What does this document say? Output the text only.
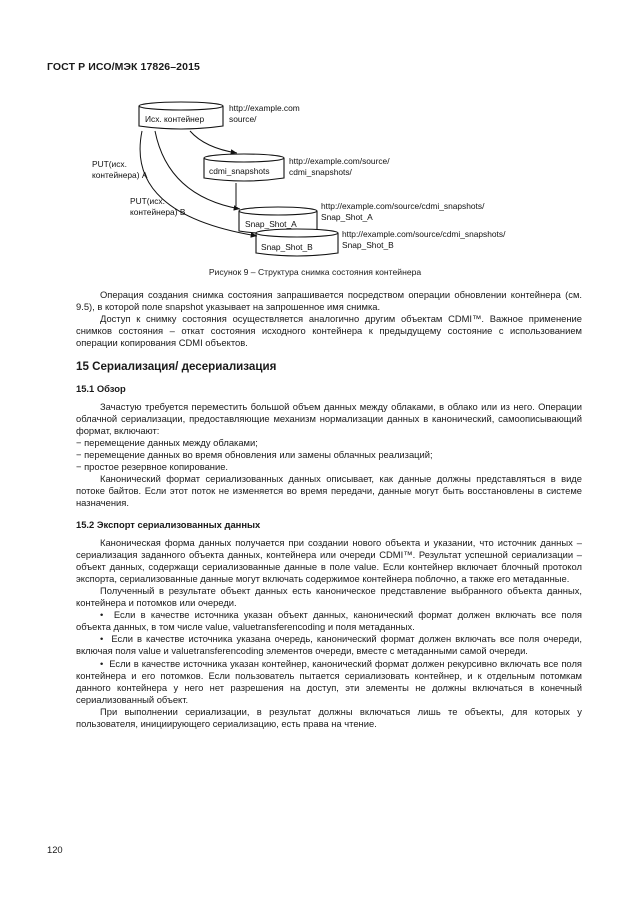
ГОСТ Р ИСО/МЭК 17826–2015
Исх. контейнер
http://example.com
source/
cdmi_snapshots
http://example.com/source/
cdmi_snapshots/
Snap_Shot_A
http://example.com/source/cdmi_snapshots/
Snap_Shot_A
Snap_Shot_B
http://example.com/source/cdmi_snapshots/
Snap_Shot_B
PUT(исх.
контейнера) A
PUT(исх.
контейнера) B
Рисунок 9 – Структура снимка состояния контейнера

Операция создания снимка состояния запрашивается посредством операции обновлении контейнера (см. 9.5), в которой поле snapshot указывает на запрошенное имя снимка.

Доступ к снимку состояния осуществляется аналогично другим объектам CDMI™. Важное применение снимков состояния – откат состояния исходного контейнера к предыдущему состояние с использованием операции копирования CDMI объектов.

15 Сериализация/ десериализация
15.1 Обзор

Зачастую требуется переместить большой объем данных между облаками, в облако или из него. Операции облачной сериализации, предоставляющие механизм нормализации данных в канонический, самоописывающий формат, включают:

− перемещение данных между облаками;
− перемещение данных во время обновления или замены облачных реализаций;
− простое резервное копирование.

Канонический формат сериализованных данных описывает, как данные должны представляться в виде потоке байтов. Если этот поток не изменяется во время передачи, данные могут быть восстановлены в системе назначения.

15.2 Экспорт сериализованных данных

Каноническая форма данных получается при создании нового объекта и указании, что источник данных – сериализация заданного объекта данных, контейнера или очереди CDMI™. Результат успешной сериализации – объект данных, содержащи сериализованные данные в поле value. Если контейнер включает блочный протокол экспорта, сериализованные данные могут включать содержимое контейнера поблочно, а также его метаданные.

Полученный в результате объект данных есть каноническое представление выбранного объекта данных, контейнера и потомков или очереди.

•  Если в качестве источника указан объект данных, канонический формат должен включать все поля объекта данных, в том числе value, valuetransferencoding и поля метаданных.

•  Если в качестве источника указана очередь, канонический формат должен включать все поля очереди, включая поля value и valuetransferencoding элементов очереди, вместе с метаданными самой очереди.

•  Если в качестве источника указан контейнер, канонический формат должен рекурсивно включать все поля контейнера и его потомков. Если пользователь пытается сериализовать контейнер, и к отдельным потомкам данного контейнера у него нет разрешения на доступ, эти элементы не должны включаться в конечный сериализованный объект.

При выполнении сериализации, в результат должны включаться лишь те объекты, для которых у пользователя, инициирующего сериализацию, есть права на чтение.

120
